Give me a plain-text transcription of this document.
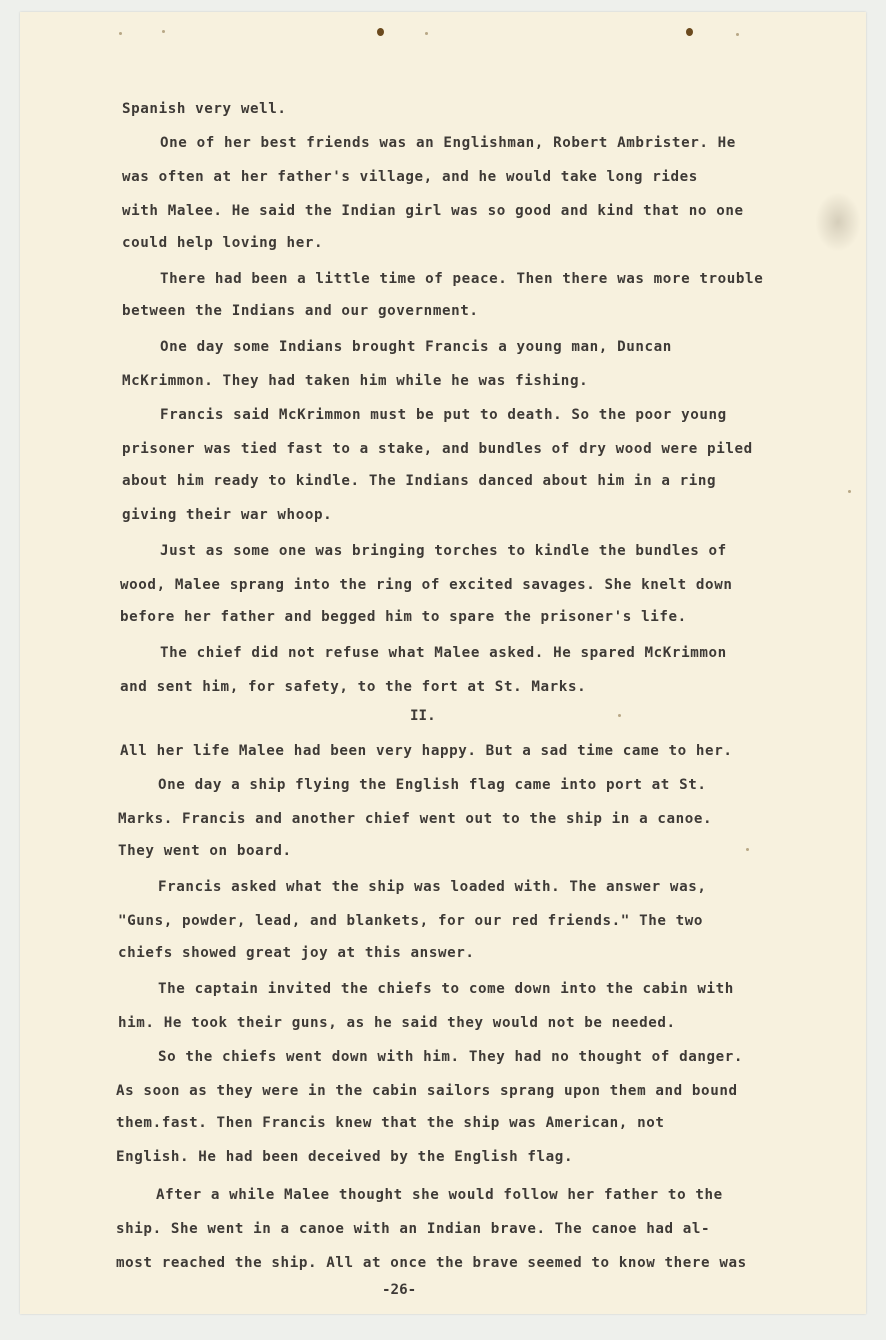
Spanish very well.

One of her best friends was an Englishman, Robert Ambrister. He

was often at her father's village, and he would take long rides

with Malee. He said the Indian girl was so good and kind that no one

could help loving her.

There had been a little time of peace. Then there was more trouble

between the Indians and our government.

One day some Indians brought Francis a young man, Duncan

McKrimmon. They had taken him while he was fishing.

Francis said McKrimmon must be put to death. So the poor young

prisoner was tied fast to a stake, and bundles of dry wood were piled

about him ready to kindle. The Indians danced about him in a ring

giving their war whoop.

Just as some one was bringing torches to kindle the bundles of

wood, Malee sprang into the ring of excited savages. She knelt down

before her father and begged him to spare the prisoner's life.

The chief did not refuse what Malee asked. He spared McKrimmon

and sent him, for safety, to the fort at St. Marks.

II.

All her life Malee had been very happy. But a sad time came to her.

One day a ship flying the English flag came into port at St.

Marks. Francis and another chief went out to the ship in a canoe.

They went on board.

Francis asked what the ship was loaded with. The answer was,

"Guns, powder, lead, and blankets, for our red friends." The two

chiefs showed great joy at this answer.

The captain invited the chiefs to come down into the cabin with

him. He took their guns, as he said they would not be needed.

So the chiefs went down with him. They had no thought of danger.

As soon as they were in the cabin sailors sprang upon them and bound

them.fast. Then Francis knew that the ship was American, not

English. He had been deceived by the English flag.

After a while Malee thought she would follow her father to the

ship. She went in a canoe with an Indian brave. The canoe had al-

most reached the ship. All at once the brave seemed to know there was

-26-
